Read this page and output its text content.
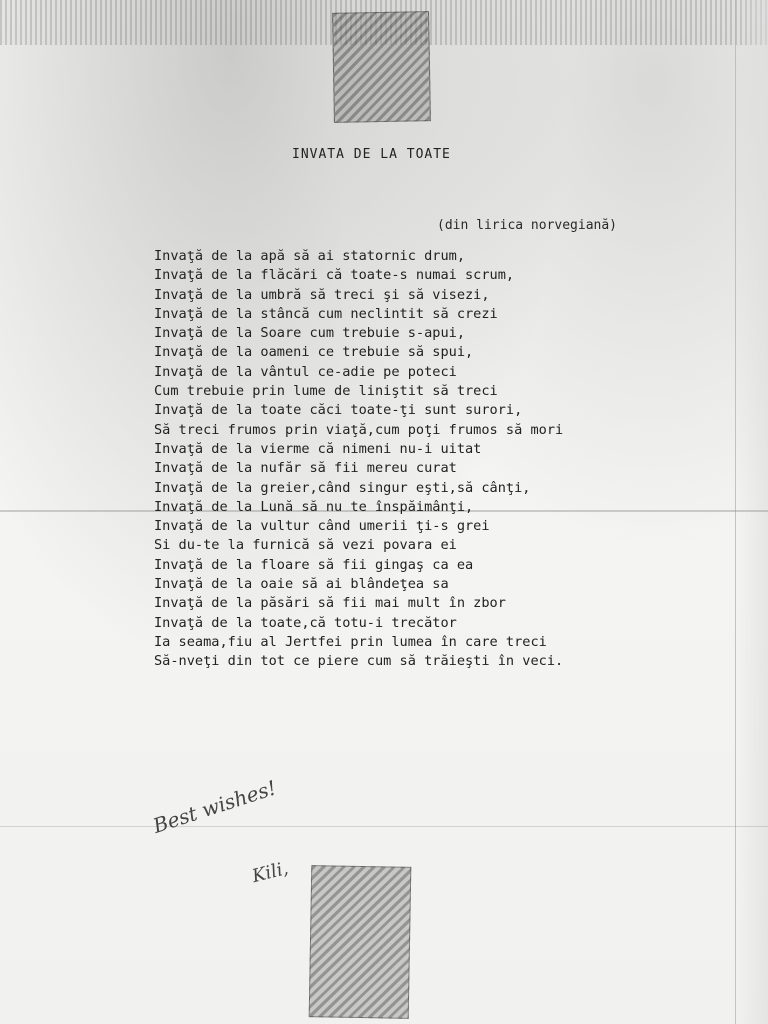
INVATA DE LA TOATE
(din lirica norvegiană)
Invaţă de la apă să ai statornic drum,
Invaţă de la flăcări că toate-s numai scrum,
Invaţă de la umbră să treci şi să visezi,
Invaţă de la stâncă cum neclintit să crezi
Invaţă de la Soare cum trebuie s-apui,
Invaţă de la oameni ce trebuie să spui,
Invaţă de la vântul ce-adie pe poteci
Cum trebuie prin lume de liniştit să treci
Invaţă de la toate căci toate-ţi sunt surori,
Să treci frumos prin viaţă,cum poţi frumos să mori
Invaţă de la vierme că nimeni nu-i uitat
Invaţă de la nufăr să fii mereu curat
Invaţă de la greier,când singur eşti,să cânţi,
Invaţă de la Lună să nu te înspăimânţi,
Invaţă de la vultur când umerii ţi-s grei
Si du-te la furnică să vezi povara ei
Invaţă de la floare să fii gingaş ca ea
Invaţă de la oaie să ai blândeţea sa
Invaţă de la păsări să fii mai mult în zbor
Invaţă de la toate,că totu-i trecător
Ia seama,fiu al Jertfei prin lumea în care treci
Să-nveţi din tot ce piere cum să trăieşti în veci.
Best wishes!
Kili,
